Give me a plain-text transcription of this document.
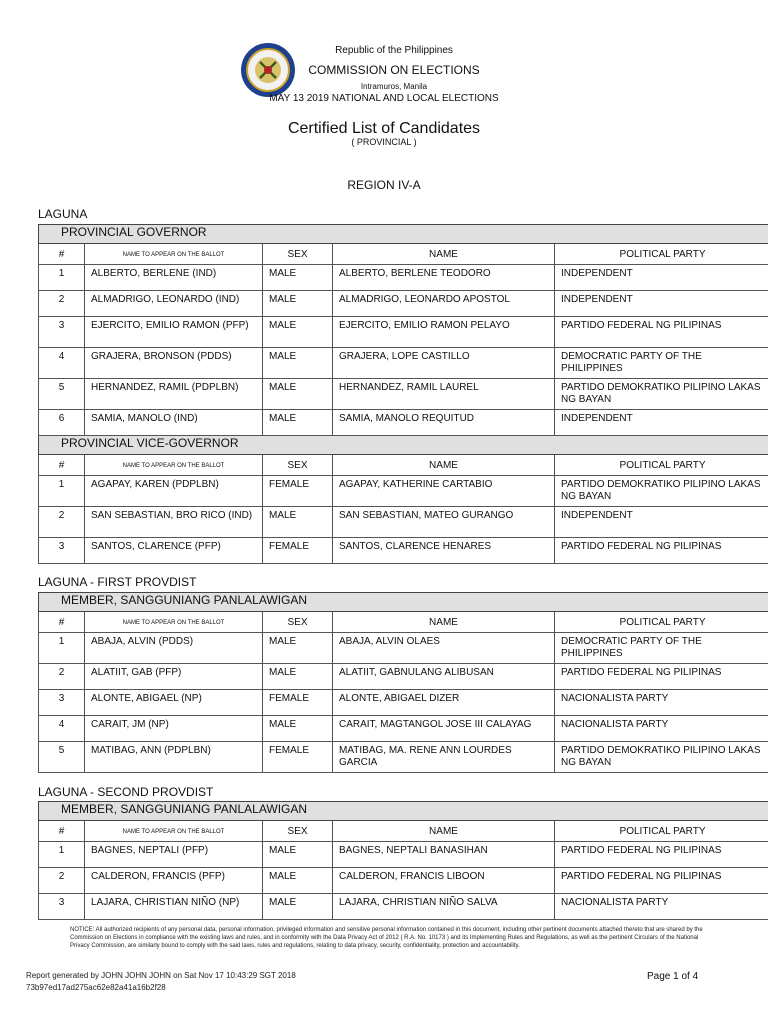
Republic of the Philippines
COMMISSION ON ELECTIONS
Intramuros, Manila
MAY 13 2019 NATIONAL AND LOCAL ELECTIONS
Certified List of Candidates
( PROVINCIAL )
REGION IV-A
LAGUNA
PROVINCIAL GOVERNOR				
#	NAME TO APPEAR ON THE BALLOT	SEX	NAME	POLITICAL PARTY
1	ALBERTO, BERLENE (IND)	MALE	ALBERTO, BERLENE TEODORO	INDEPENDENT
2	ALMADRIGO, LEONARDO (IND)	MALE	ALMADRIGO, LEONARDO APOSTOL	INDEPENDENT
3	EJERCITO, EMILIO RAMON (PFP)	MALE	EJERCITO, EMILIO RAMON PELAYO	PARTIDO FEDERAL NG PILIPINAS
4	GRAJERA, BRONSON (PDDS)	MALE	GRAJERA, LOPE CASTILLO	DEMOCRATIC PARTY OF THE PHILIPPINES
5	HERNANDEZ, RAMIL (PDPLBN)	MALE	HERNANDEZ, RAMIL LAUREL	PARTIDO DEMOKRATIKO PILIPINO LAKAS NG BAYAN
6	SAMIA, MANOLO (IND)	MALE	SAMIA, MANOLO REQUITUD	INDEPENDENT
PROVINCIAL VICE-GOVERNOR				
#	NAME TO APPEAR ON THE BALLOT	SEX	NAME	POLITICAL PARTY
1	AGAPAY, KAREN (PDPLBN)	FEMALE	AGAPAY, KATHERINE CARTABIO	PARTIDO DEMOKRATIKO PILIPINO LAKAS NG BAYAN
2	SAN SEBASTIAN, BRO RICO (IND)	MALE	SAN SEBASTIAN, MATEO GURANGO	INDEPENDENT
3	SANTOS, CLARENCE (PFP)	FEMALE	SANTOS, CLARENCE HENARES	PARTIDO FEDERAL NG PILIPINAS
LAGUNA - FIRST PROVDIST
MEMBER, SANGGUNIANG PANLALAWIGAN				
#	NAME TO APPEAR ON THE BALLOT	SEX	NAME	POLITICAL PARTY
1	ABAJA, ALVIN (PDDS)	MALE	ABAJA, ALVIN OLAES	DEMOCRATIC PARTY OF THE PHILIPPINES
2	ALATIIT, GAB (PFP)	MALE	ALATIIT, GABNULANG ALIBUSAN	PARTIDO FEDERAL NG PILIPINAS
3	ALONTE, ABIGAEL (NP)	FEMALE	ALONTE, ABIGAEL DIZER	NACIONALISTA PARTY
4	CARAIT, JM (NP)	MALE	CARAIT, MAGTANGOL JOSE III CALAYAG	NACIONALISTA PARTY
5	MATIBAG, ANN (PDPLBN)	FEMALE	MATIBAG, MA. RENE ANN LOURDES GARCIA	PARTIDO DEMOKRATIKO PILIPINO LAKAS NG BAYAN
LAGUNA - SECOND PROVDIST
MEMBER, SANGGUNIANG PANLALAWIGAN				
#	NAME TO APPEAR ON THE BALLOT	SEX	NAME	POLITICAL PARTY
1	BAGNES, NEPTALI (PFP)	MALE	BAGNES, NEPTALI BANASIHAN	PARTIDO FEDERAL NG PILIPINAS
2	CALDERON, FRANCIS (PFP)	MALE	CALDERON, FRANCIS LIBOON	PARTIDO FEDERAL NG PILIPINAS
3	LAJARA, CHRISTIAN NIÑO (NP)	MALE	LAJARA, CHRISTIAN NIÑO SALVA	NACIONALISTA PARTY
NOTICE: All authorized recipients of any personal data, personal information, privileged information and sensitive personal information contained in this document, including other pertinent documents attached thereto that are shared by the Commission on Elections in compliance with the existing laws and rules, and in conformity with the Data Privacy Act of 2012 ( R.A. No. 10173 ) and its Implementing Rules and Regulations, as well as the pertinent Circulars of the National Privacy Commission, are similarly bound to comply with the said laws, rules and regulations, relating to data privacy, security, confidentiality, protection and accountability.
Report generated by JOHN JOHN JOHN on Sat Nov 17 10:43:29 SGT 2018
73b97ed17ad275ac62e82a41a16b2f28
Page 1 of 4
